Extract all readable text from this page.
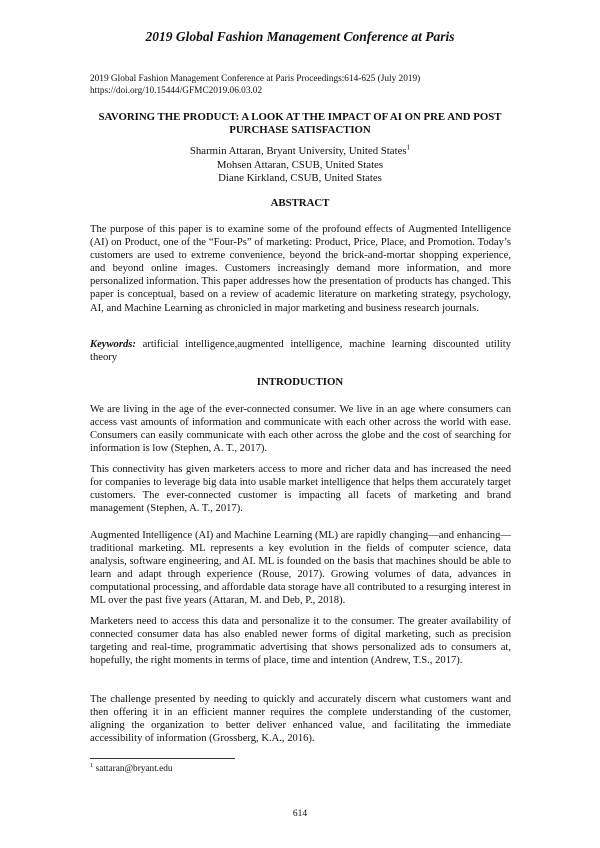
2019 Global Fashion Management Conference at Paris
2019 Global Fashion Management Conference at Paris Proceedings:614-625 (July 2019)
https://doi.org/10.15444/GFMC2019.06.03.02
SAVORING THE PRODUCT: A LOOK AT THE IMPACT OF AI ON PRE AND POST PURCHASE SATISFACTION
Sharmin Attaran, Bryant University, United States$^1$
Mohsen Attaran, CSUB, United States
Diane Kirkland, CSUB, United States
ABSTRACT

The purpose of this paper is to examine some of the profound effects of Augmented Intelligence (AI) on Product, one of the “Four-Ps” of marketing: Product, Price, Place, and Promotion. Today’s customers are used to extreme convenience, beyond the brick-and-mortar shopping experience, and beyond online images. Customers increasingly demand more information, and more personalized information. This paper addresses how the presentation of products has changed. This paper is conceptual, based on a review of academic literature on marketing strategy, psychology, AI, and Machine Learning as chronicled in major marketing and business research journals.

Keywords: artificial intelligence,augmented intelligence, machine learning discounted utility theory

INTRODUCTION

We are living in the age of the ever-connected consumer. We live in an age where consumers can access vast amounts of information and communicate with each other across the world with ease. Consumers can easily communicate with each other across the globe and the cost of searching for information is low (Stephen, A. T., 2017).

This connectivity has given marketers access to more and richer data and has increased the need for companies to leverage big data into usable market intelligence that helps them accurately target customers. The ever-connected customer is impacting all facets of marketing and brand management (Stephen, A. T., 2017).

Augmented Intelligence (AI) and Machine Learning (ML) are rapidly changing—and enhancing— traditional marketing. ML represents a key evolution in the fields of computer science, data analysis, software engineering, and AI. ML is founded on the basis that machines should be able to learn and adapt through experience (Rouse, 2017). Growing volumes of data, advances in computational processing, and affordable data storage have all contributed to a resurging interest in ML over the past five years (Attaran, M. and Deb, P., 2018).

Marketers need to access this data and personalize it to the consumer. The greater availability of connected consumer data has also enabled newer forms of digital marketing, such as precision targeting and real-time, programmatic advertising that shows personalized ads to consumers at, hopefully, the right moments in terms of place, time and intention (Andrew, T.S., 2017).

The challenge presented by needing to quickly and accurately discern what customers want and then offering it in an efficient manner requires the complete understanding of the customer, aligning the organization to better deliver enhanced value, and facilitating the immediate accessibility of information (Grossberg, K.A., 2016).

$^1$ sattaran@bryant.edu
614
